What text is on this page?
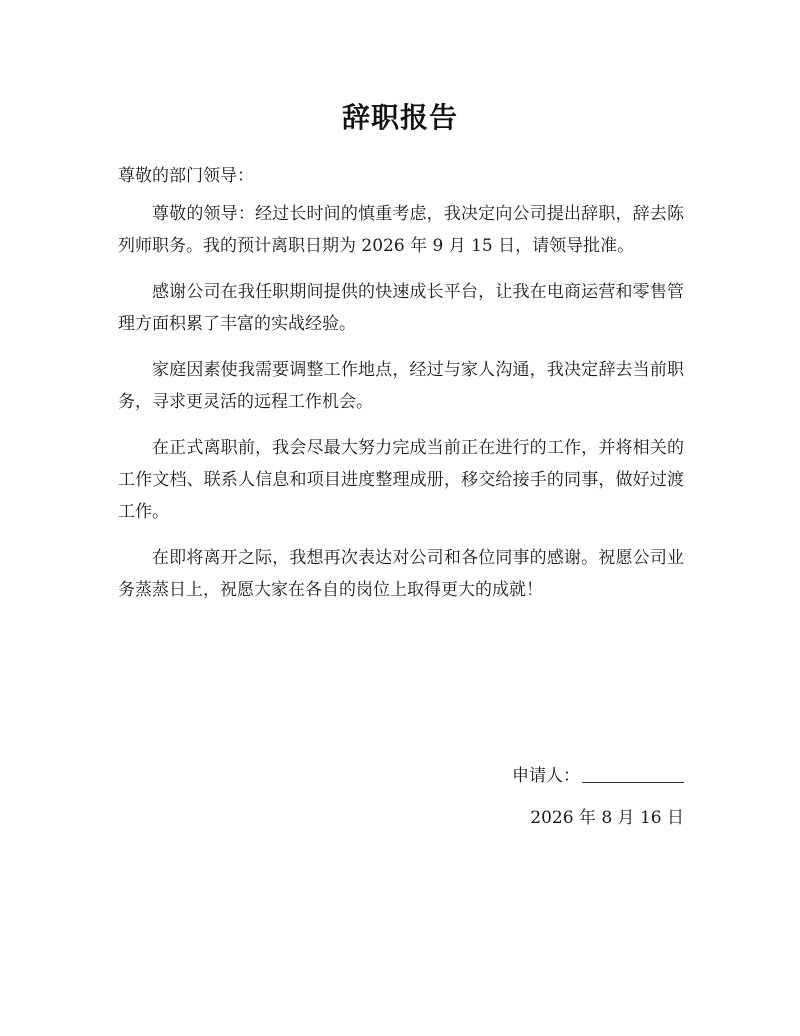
辞职报告
尊敬的部门领导：

尊敬的领导：经过长时间的慎重考虑，我决定向公司提出辞职，辞去陈列师职务。我的预计离职日期为 2026 年 9 月 15 日，请领导批准。

感谢公司在我任职期间提供的快速成长平台，让我在电商运营和零售管理方面积累了丰富的实战经验。

家庭因素使我需要调整工作地点，经过与家人沟通，我决定辞去当前职务，寻求更灵活的远程工作机会。

在正式离职前，我会尽最大努力完成当前正在进行的工作，并将相关的工作文档、联系人信息和项目进度整理成册，移交给接手的同事，做好过渡工作。

在即将离开之际，我想再次表达对公司和各位同事的感谢。祝愿公司业务蒸蒸日上，祝愿大家在各自的岗位上取得更大的成就！

申请人：
2026 年 8 月 16 日
